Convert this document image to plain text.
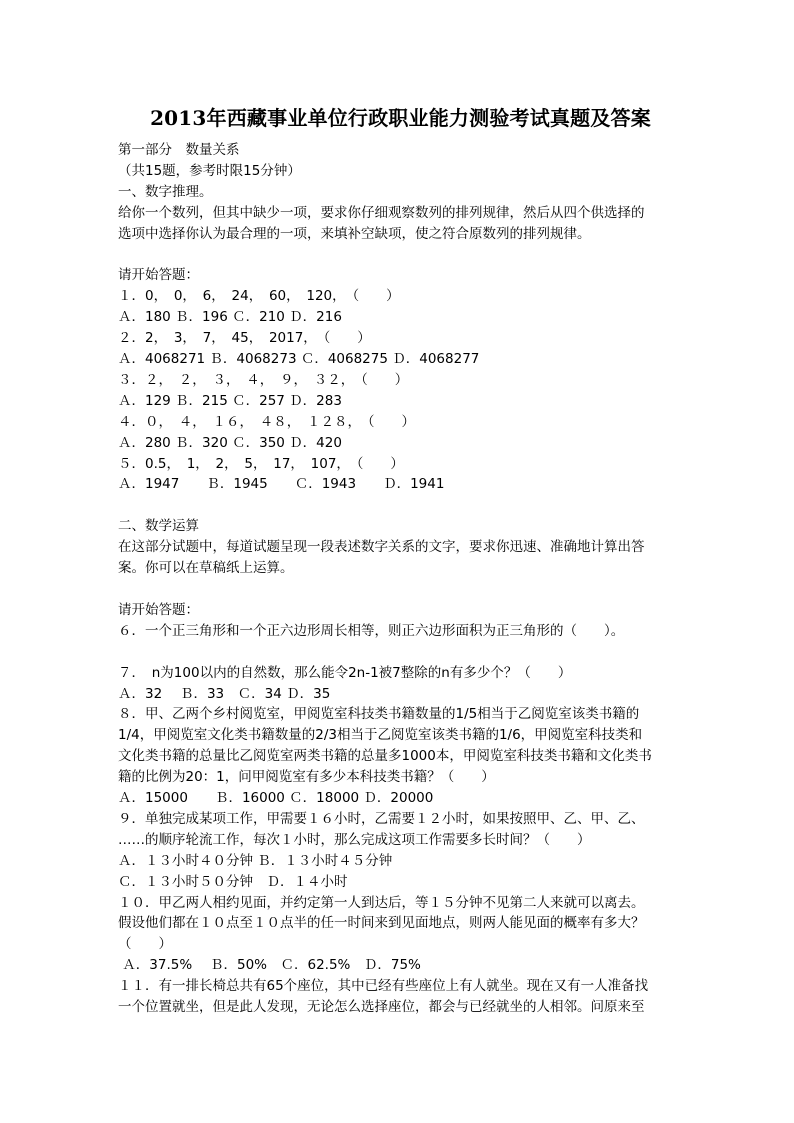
2013年西藏事业单位行政职业能力测验考试真题及答案

第一部分　数量关系

（共15题，参考时限15分钟）

一、数字推理。

给你一个数列，但其中缺少一项，要求你仔细观察数列的排列规律，然后从四个供选择的

选项中选择你认为最合理的一项，来填补空缺项，使之符合原数列的排列规律。

请开始答题：

１．0，　0，　6，　24，　60，　120，　（　　）

Ａ．180 Ｂ．196 Ｃ．210 Ｄ．216

２．2，　3，　7，　45，　2017，　（　　）

Ａ．4068271 Ｂ．4068273 Ｃ．4068275 Ｄ．4068277

３．２，　２，　３，　４，　９，　３２，　（　　）

Ａ．129 Ｂ．215 Ｃ．257 Ｄ．283

４．０，　４，　１６，　４８，　１２８，　（　　）

Ａ．280 Ｂ．320 Ｃ．350 Ｄ．420

５．0.5，　1，　2，　5，　17，　107，　（　　）

Ａ．1947　　Ｂ．1945　　Ｃ．1943　　Ｄ．1941

二、数学运算

在这部分试题中，每道试题呈现一段表述数字关系的文字，要求你迅速、准确地计算出答

案。你可以在草稿纸上运算。

请开始答题：

６．一个正三角形和一个正六边形周长相等，则正六边形面积为正三角形的（　　）。

７．　n为100以内的自然数，那么能令2n-1被7整除的n有多少个？（　　）

Ａ．32　 Ｂ．33　Ｃ．34 Ｄ．35

８．甲、乙两个乡村阅览室，甲阅览室科技类书籍数量的1/5相当于乙阅览室该类书籍的

1/4，甲阅览室文化类书籍数量的2/3相当于乙阅览室该类书籍的1/6，甲阅览室科技类和

文化类书籍的总量比乙阅览室两类书籍的总量多1000本，甲阅览室科技类书籍和文化类书

籍的比例为20：1，问甲阅览室有多少本科技类书籍？（　　）

Ａ．15000　　Ｂ．16000 Ｃ．18000 Ｄ．20000

９．单独完成某项工作，甲需要１６小时，乙需要１２小时，如果按照甲、乙、甲、乙、

……的顺序轮流工作，每次１小时，那么完成这项工作需要多长时间？（　　）

Ａ．１３小时４０分钟 Ｂ．１３小时４５分钟

Ｃ．１３小时５０分钟　Ｄ．１４小时

１０．甲乙两人相约见面，并约定第一人到达后，等１５分钟不见第二人来就可以离去。

假设他们都在１０点至１０点半的任一时间来到见面地点，则两人能见面的概率有多大？

（　　）

Ａ．37.5%　 Ｂ．50%　Ｃ．62.5%　Ｄ．75%

１１．有一排长椅总共有65个座位，其中已经有些座位上有人就坐。现在又有一人准备找

一个位置就坐，但是此人发现，无论怎么选择座位，都会与已经就坐的人相邻。问原来至
